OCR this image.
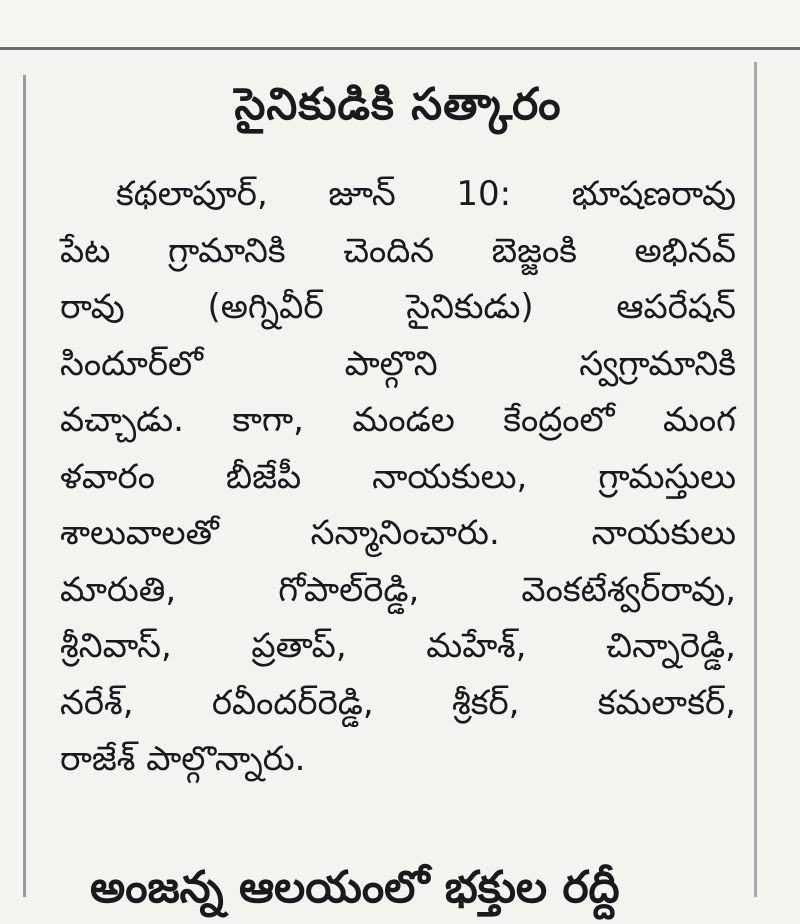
సైనికుడికి సత్కారం
కథలాపూర్, జూన్ 10: భూషణరావు
పేట గ్రామానికి చెందిన బెజ్జంకి అభినవ్
రావు (అగ్నివీర్ సైనికుడు) ఆపరేషన్
సిందూర్‌లో పాల్గొని స్వగ్రామానికి
వచ్చాడు. కాగా, మండల కేంద్రంలో మంగ
ళవారం బీజేపీ నాయకులు, గ్రామస్తులు
శాలువాలతో సన్మానించారు. నాయకులు
మారుతి, గోపాల్‌రెడ్డి, వెంకటేశ్వర్‌రావు,
శ్రీనివాస్, ప్రతాప్, మహేశ్, చిన్నారెడ్డి,
నరేశ్, రవీందర్‌రెడ్డి, శ్రీకర్, కమలాకర్,
రాజేశ్ పాల్గొన్నారు.
అంజన్న ఆలయంలో భక్తుల రద్దీ
